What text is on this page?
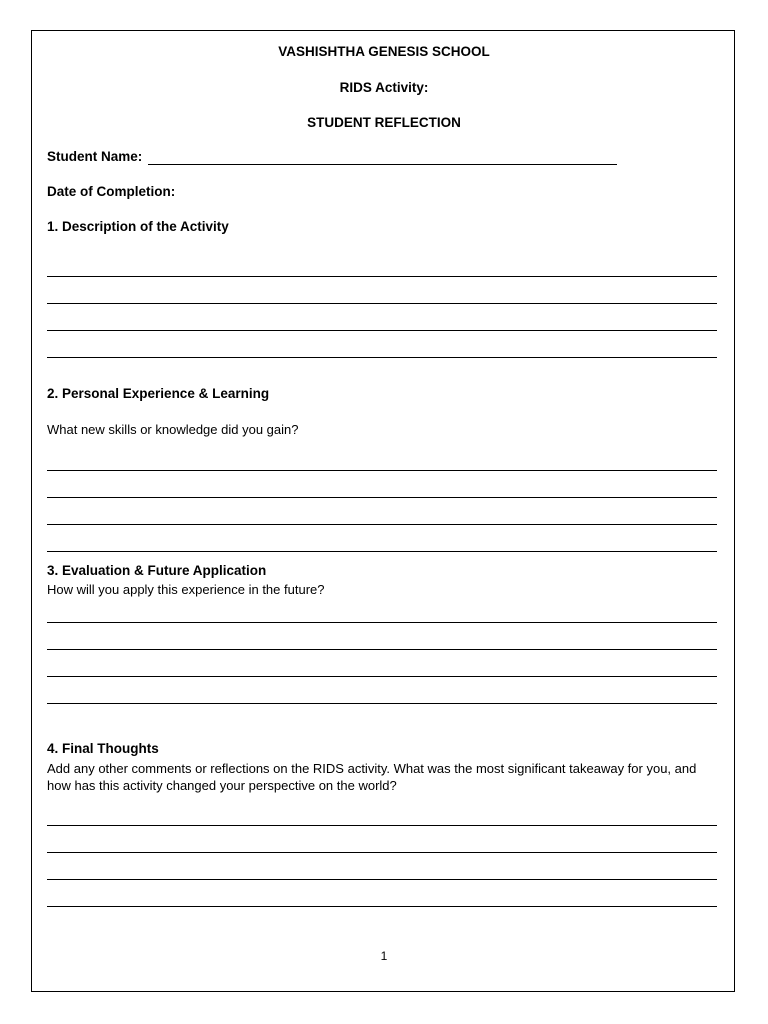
VASHISHTHA GENESIS SCHOOL
RIDS Activity:
STUDENT REFLECTION
Student Name:
Date of Completion:
1. Description of the Activity
2. Personal Experience & Learning
What new skills or knowledge did you gain?
3. Evaluation & Future Application
How will you apply this experience in the future?
4. Final Thoughts
Add any other comments or reflections on the RIDS activity. What was the most significant takeaway for you, and how has this activity changed your perspective on the world?
1
